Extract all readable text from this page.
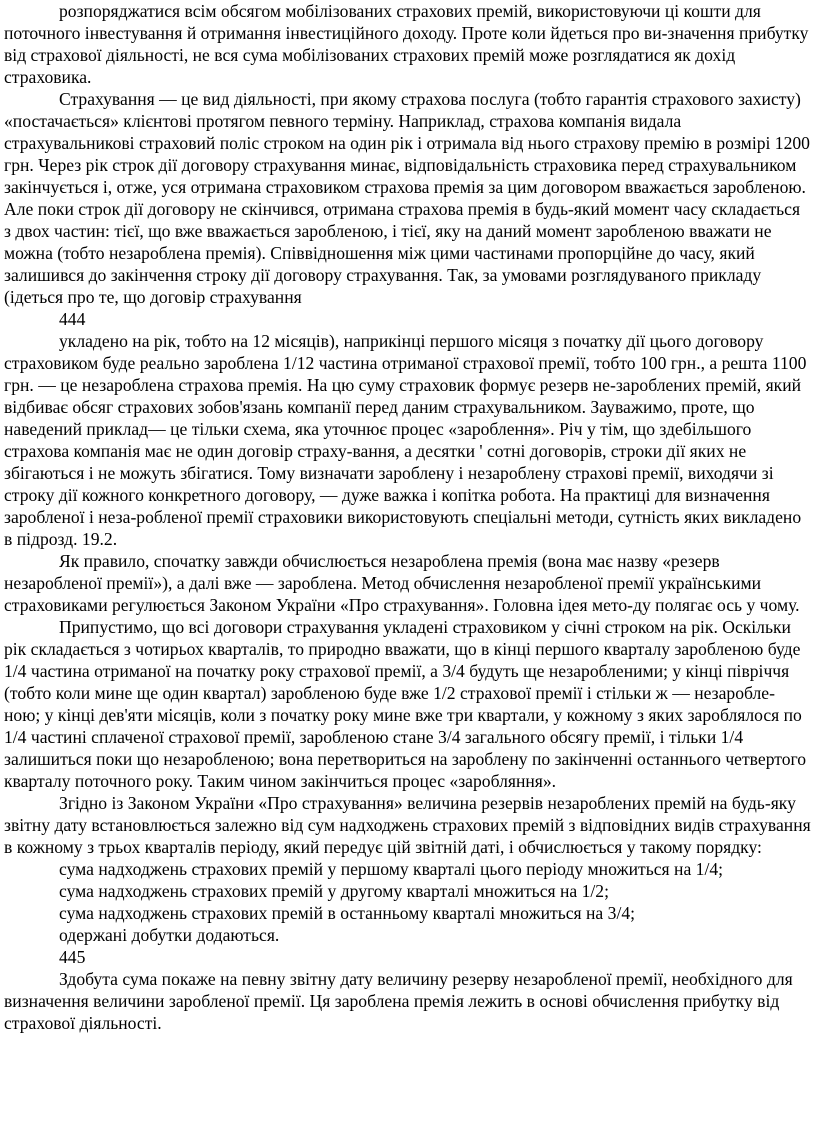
розпоряджатися всім обсягом мобілізованих страхових премій, використовуючи ці кошти для поточного інвестування й отримання інвестиційного доходу. Проте коли йдеться про ви-значення прибутку від страхової діяльності, не вся сума мобілізованих страхових премій може розглядатися як дохід страховика.

Страхування — це вид діяльності, при якому страхова послуга (тобто гарантія страхового захисту) «постачається» клієнтові протягом певного терміну. Наприклад, страхова компанія видала страхувальникові страховий поліс строком на один рік і отримала від нього страхову премію в розмірі 1200 грн. Через рік строк дії договору страхування минає, відповідальність страховика перед страхувальником закінчується і, отже, уся отримана страховиком страхова премія за цим договором вважається заробленою. Але поки строк дії договору не скінчився, отримана страхова премія в будь-який момент часу складається з двох частин: тієї, що вже вважається заробленою, і тієї, яку на даний момент заробленою вважати не можна (тобто незароблена премія). Співвідношення між цими частинами пропорційне до часу, який залишився до закінчення строку дії договору страхування. Так, за умовами розглядуваного прикладу (ідеться про те, що договір страхування

444

укладено на рік, тобто на 12 місяців), наприкінці першого місяця з початку дії цього договору страховиком буде реально зароблена 1/12 частина отриманої страхової премії, тобто 100 грн., а решта 1100 грн. — це незароблена страхова премія. На цю суму страховик формує резерв не-зароблених премій, який відбиває обсяг страхових зобов'язань компанії перед даним страхувальником. Зауважимо, проте, що наведений приклад— це тільки схема, яка уточнює процес «зароблення». Річ у тім, що здебільшого страхова компанія має не один договір страху-вання, а десятки ' сотні договорів, строки дії яких не збігаються і не можуть збігатися. Тому визначати зароблену і незароблену страхові премії, виходячи зі строку дії кожного конкретного договору, — дуже важка і копітка робота. На практиці для визначення заробленої і неза-робленої премії страховики використовують спеціальні методи, сутність яких викладено в підрозд. 19.2.

Як правило, спочатку завжди обчислюється незароблена премія (вона має назву «резерв незаробленої премії»), а далі вже — зароблена. Метод обчислення незаробленої премії українськими страховиками регулюється Законом України «Про страхування». Головна ідея мето-ду полягає ось у чому.

Припустимо, що всі договори страхування укладені страховиком у січні строком на рік. Оскільки рік складається з чотирьох кварталів, то природно вважати, що в кінці першого кварталу заробленою буде 1/4 частина отриманої на початку року страхової премії, а 3/4 будуть ще незаробленими; у кінці півріччя (тобто коли мине ще один квартал) заробленою буде вже 1/2 страхової премії і стільки ж — незароблe-ною; у кінці дев'яти місяців, коли з початку року мине вже три квартали, у кожному з яких зароблялося по 1/4 частині сплаченої страхової премії, заробленою стане 3/4 загального обсягу премії, і тільки 1/4 залишиться поки що незаробленою; вона перетвориться на зароблену по закінченні останнього четвертого кварталу поточного року. Таким чином закінчиться процес «заробляння».

Згідно із Законом України «Про страхування» величина резервів незароблених премій на будь-яку звітну дату встановлюється залежно від сум надходжень страхових премій з відповідних видів страхування в кожному з трьох кварталів періоду, який передує цій звітній даті, і обчислюється у такому порядку:

сума надходжень страхових премій у першому кварталі цього періоду множиться на 1/4;

сума надходжень страхових премій у другому кварталі множиться на 1/2;

сума надходжень страхових премій в останньому кварталі множиться на 3/4;

одержані добутки додаються.

445

Здобута сума покаже на певну звітну дату величину резерву незаробленої премії, необхідного для визначення величини заробленої премії. Ця зароблена премія лежить в основі обчислення прибутку від страхової діяльності.
